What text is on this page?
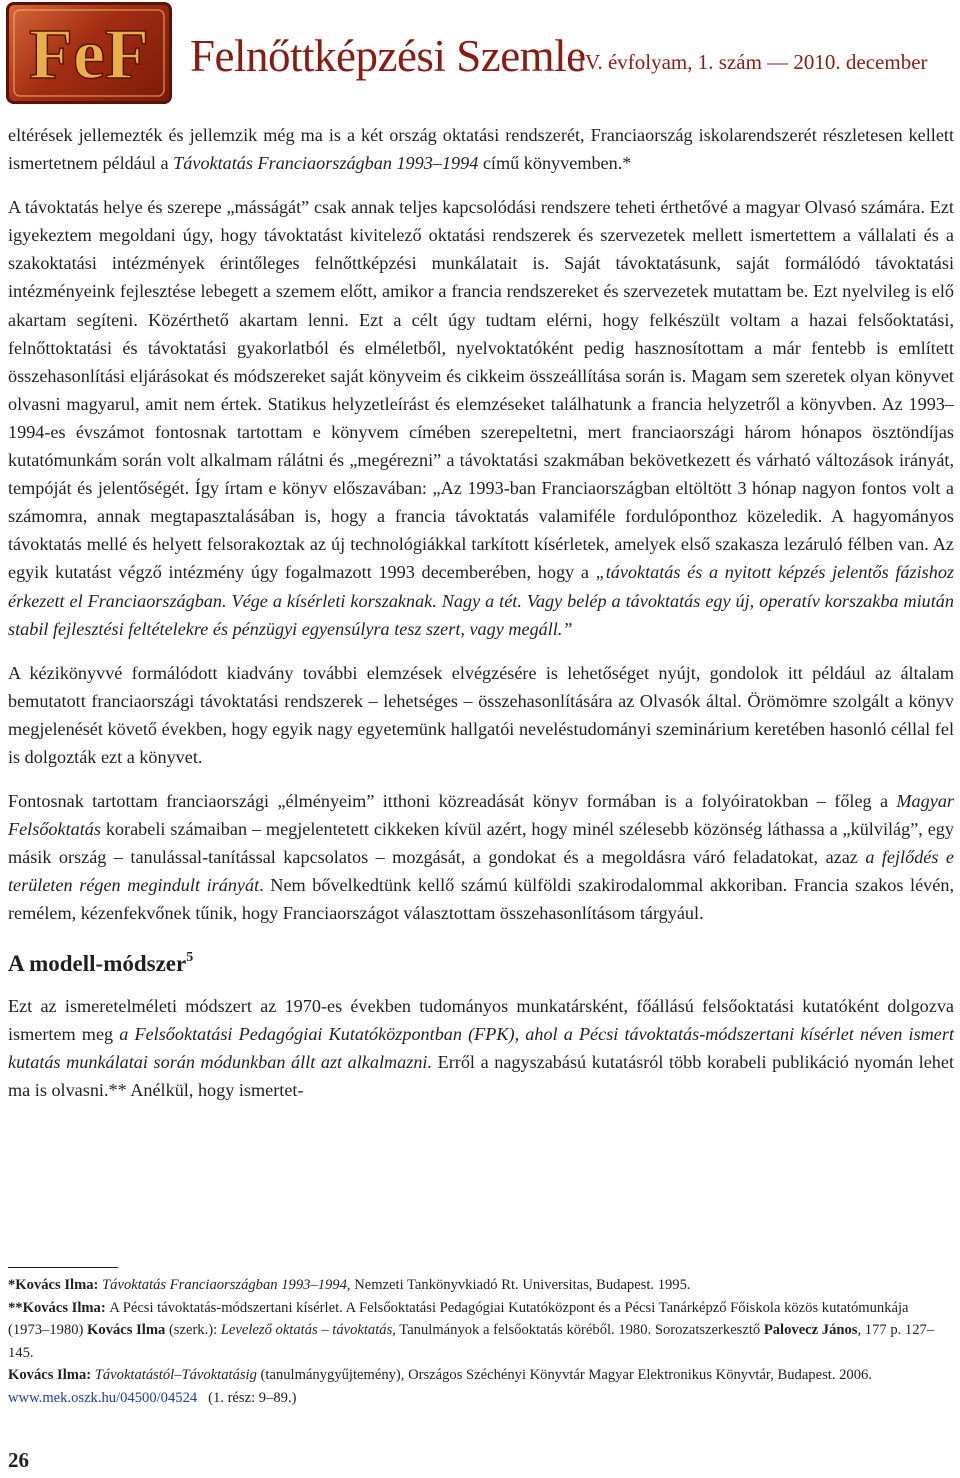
FeF Felnőttképzési Szemle
IV. évfolyam, 1. szám — 2010. december

eltérések jellemezték és jellemzik még ma is a két ország oktatási rendszerét, Franciaország iskolarendszerét részletesen kellett ismertetnem például a Távoktatás Franciaországban 1993–1994 című könyvemben.*

A távoktatás helye és szerepe „másságát” csak annak teljes kapcsolódási rendszere teheti érthetővé a magyar Olvasó számára. Ezt igyekeztem megoldani úgy, hogy távoktatást kivitelező oktatási rendszerek és szervezetek mellett ismertettem a vállalati és a szakoktatási intézmények érintőleges felnőttképzési munkálatait is. Saját távoktatásunk, saját formálódó távoktatási intézményeink fejlesztése lebegett a szemem előtt, amikor a francia rendszereket és szervezetek mutattam be. Ezt nyelvileg is elő akartam segíteni. Közérthető akartam lenni. Ezt a célt úgy tudtam elérni, hogy felkészült voltam a hazai felsőoktatási, felnőttoktatási és távoktatási gyakorlatból és elméletből, nyelvoktatóként pedig hasznosítottam a már fentebb is említett összehasonlítási eljárásokat és módszereket saját könyveim és cikkeim összeállítása során is. Magam sem szeretek olyan könyvet olvasni magyarul, amit nem értek. Statikus helyzetleírást és elemzéseket találhatunk a francia helyzetről a könyvben. Az 1993–1994-es évszámot fontosnak tartottam e könyvem címében szerepeltetni, mert franciaországi három hónapos ösztöndíjas kutatómunkám során volt alkalmam rálátni és „megérezni” a távoktatási szakmában bekövetkezett és várható változások irányát, tempóját és jelentőségét. Így írtam e könyv előszavában: „Az 1993-ban Franciaországban eltöltött 3 hónap nagyon fontos volt a számomra, annak megtapasztalásában is, hogy a francia távoktatás valamiféle fordulóponthoz közeledik. A hagyományos távoktatás mellé és helyett felsorakoztak az új technológiákkal tarkított kísérletek, amelyek első szakasza lezáruló félben van. Az egyik kutatást végző intézmény úgy fogalmazott 1993 decemberében, hogy a „távoktatás és a nyitott képzés jelentős fázishoz érkezett el Franciaországban. Vége a kísérleti korszaknak. Nagy a tét. Vagy belép a távoktatás egy új, operatív korszakba miután stabil fejlesztési feltételekre és pénzügyi egyensúlyra tesz szert, vagy megáll.”

A kézikönyvvé formálódott kiadvány további elemzések elvégzésére is lehetőséget nyújt, gondolok itt például az általam bemutatott franciaországi távoktatási rendszerek – lehetséges – összehasonlítására az Olvasók által. Örömömre szolgált a könyv megjelenését követő években, hogy egyik nagy egyetemünk hallgatói neveléstudományi szeminárium keretében hasonló céllal fel is dolgozták ezt a könyvet.

Fontosnak tartottam franciaországi „élményeim” itthoni közreadását könyv formában is a folyóiratokban – főleg a Magyar Felsőoktatás korabeli számaiban – megjelentetett cikkeken kívül azért, hogy minél szélesebb közönség láthassa a „külvilág”, egy másik ország – tanulással-tanítással kapcsolatos – mozgását, a gondokat és a megoldásra váró feladatokat, azaz a fejlődés e területen régen megindult irányát. Nem bővelkedtünk kellő számú külföldi szakirodalommal akkoriban. Francia szakos lévén, remélem, kézenfekvőnek tűnik, hogy Franciaországot választottam összehasonlításom tárgyául.

A modell-módszer$^5$

Ezt az ismeretelméleti módszert az 1970-es években tudományos munkatársként, főállású felsőoktatási kutatóként dolgozva ismertem meg a Felsőoktatási Pedagógiai Kutatóközpontban (FPK), ahol a Pécsi távoktatás-módszertani kísérlet néven ismert kutatás munkálatai során módunkban állt azt alkalmazni. Erről a nagyszabású kutatásról több korabeli publikáció nyomán lehet ma is olvasni.** Anélkül, hogy ismertet-

*Kovács Ilma: Távoktatás Franciaországban 1993–1994, Nemzeti Tankönyvkiadó Rt. Universitas, Budapest. 1995.

**Kovács Ilma: A Pécsi távoktatás-módszertani kísérlet. A Felsőoktatási Pedagógiai Kutatóközpont és a Pécsi Tanárképző Főiskola közös kutatómunkája (1973–1980) Kovács Ilma (szerk.): Levelező oktatás – távoktatás, Tanulmányok a felsőoktatás köréből. 1980. Sorozatszerkesztő Palovecz János, 177 p. 127–145.

Kovács Ilma: Távoktatástól–Távoktatásig (tanulmánygyűjtemény), Országos Széchényi Könyvtár Magyar Elektronikus Könyvtár, Budapest. 2006.

www.mek.oszk.hu/04500/04524   (1. rész: 9–89.)

26
